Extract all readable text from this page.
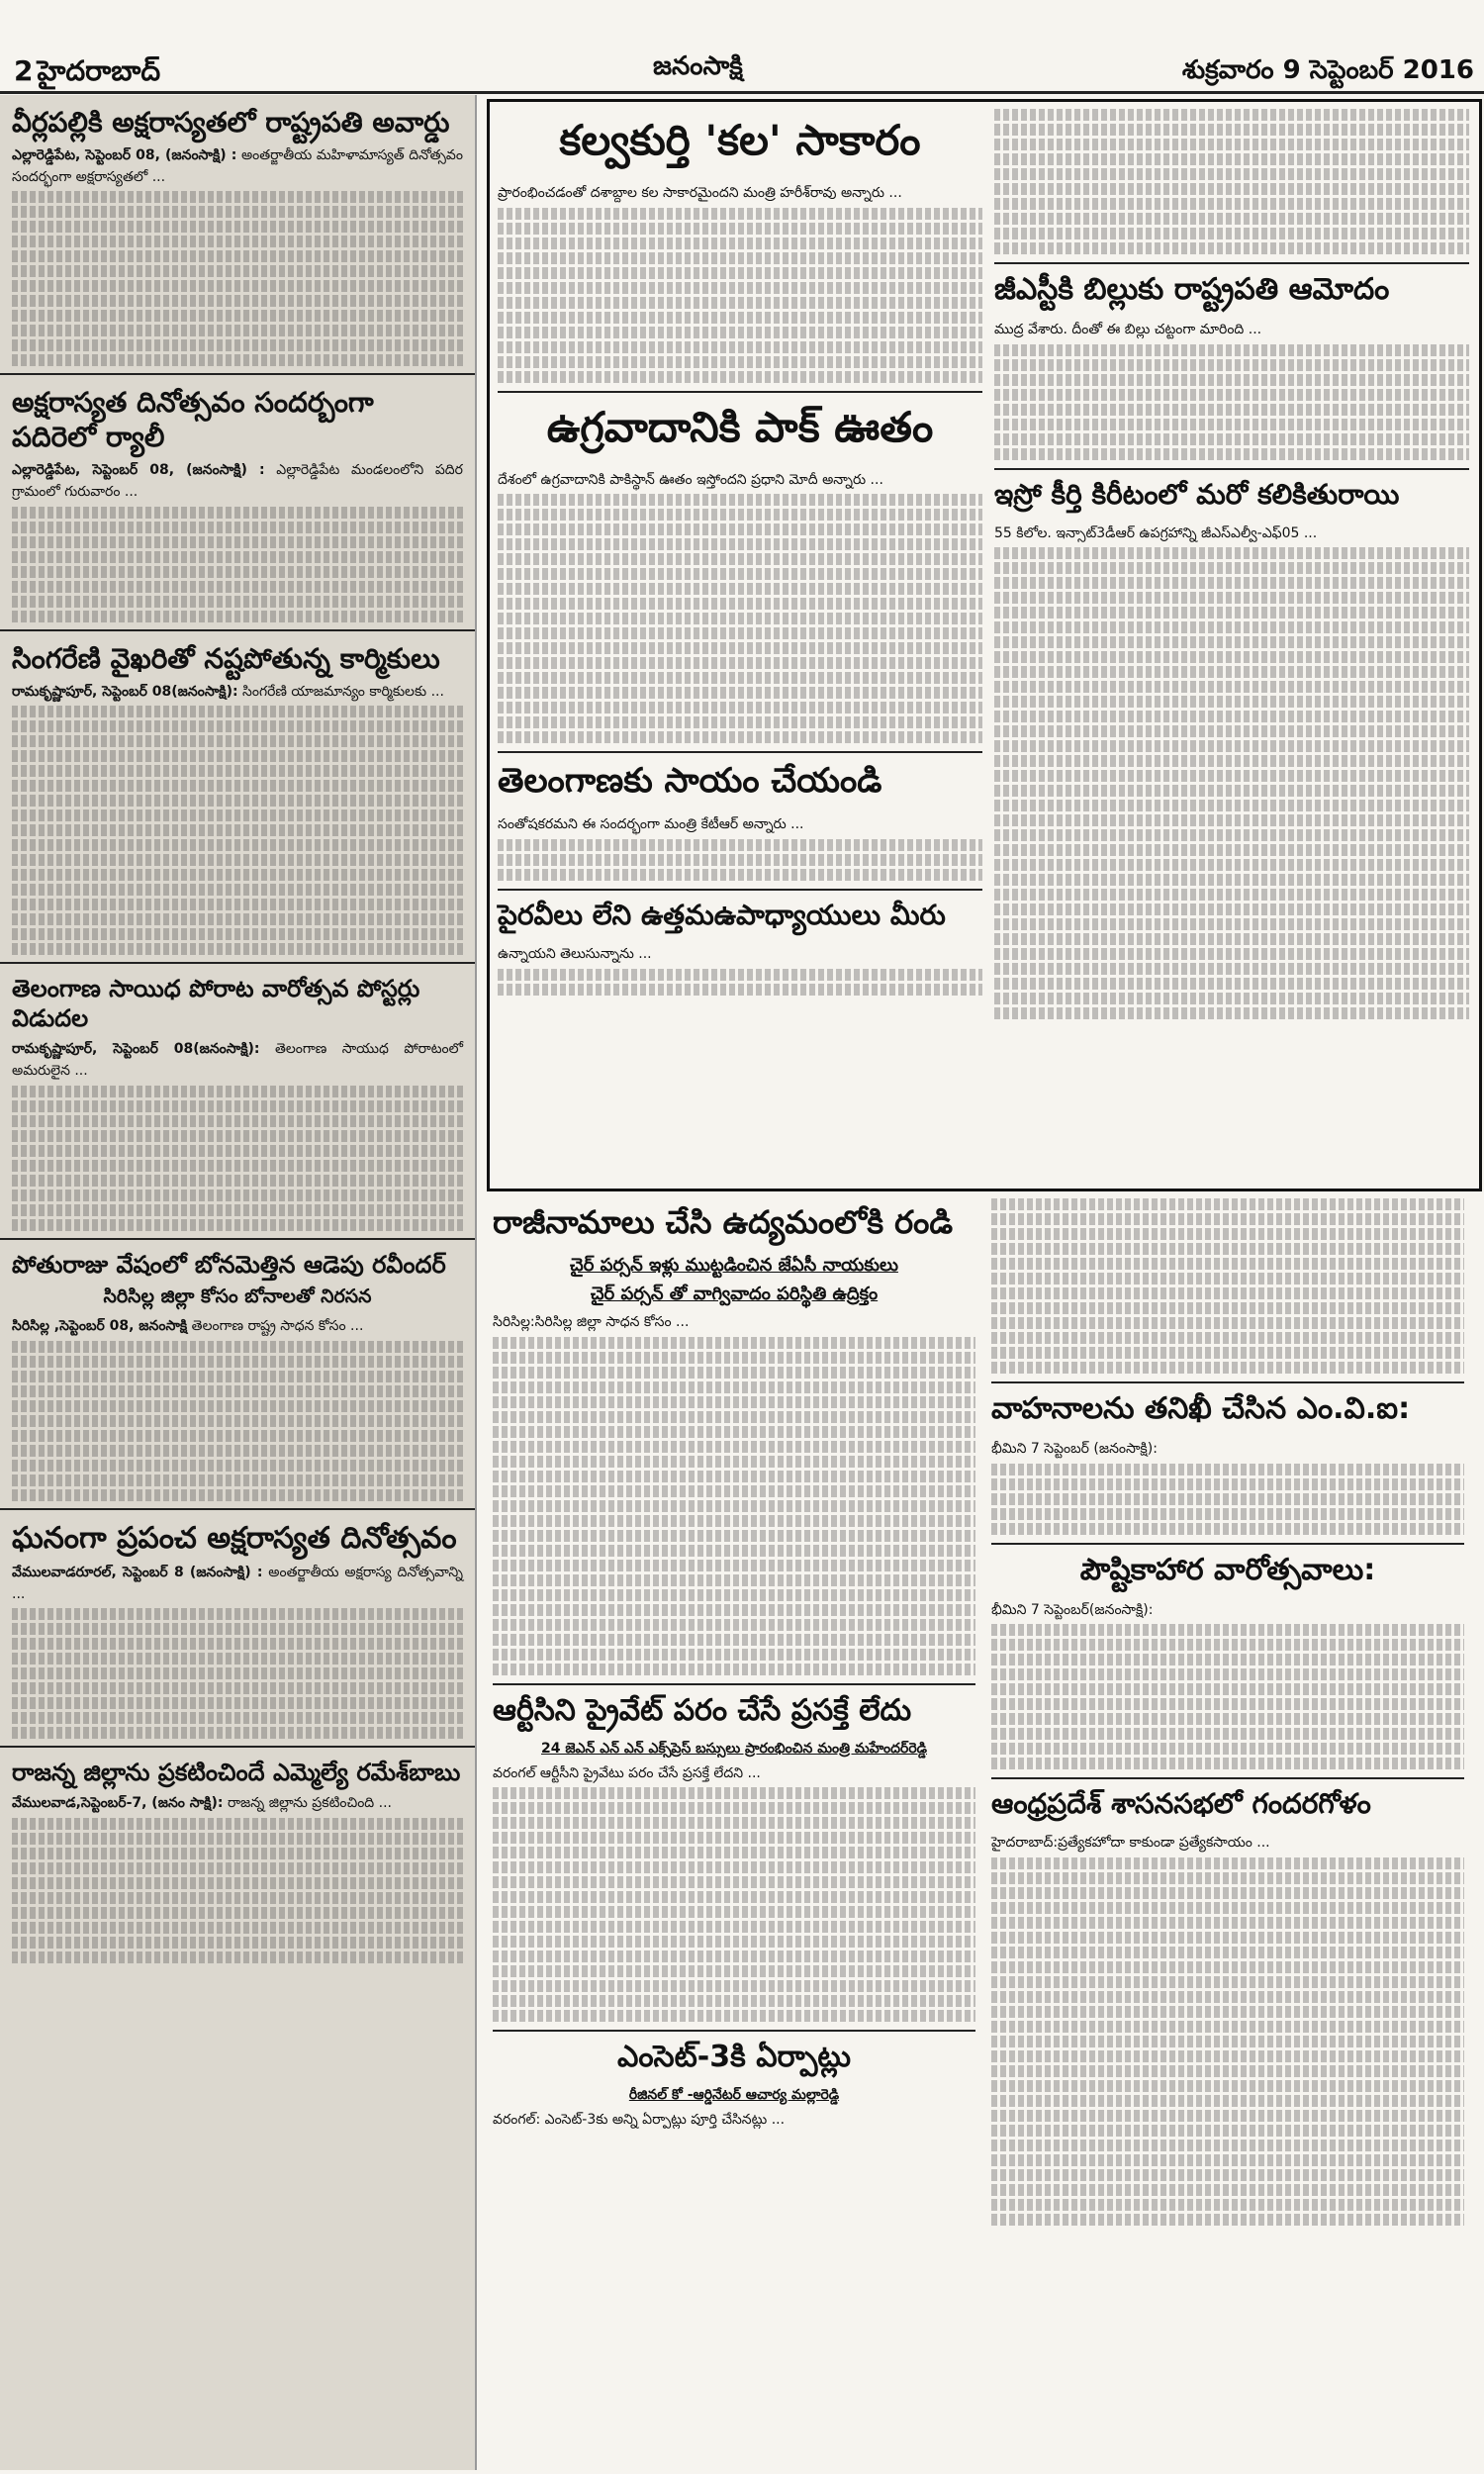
2 హైదరాబాద్	జనంసాక్షి	శుక్రవారం 9 సెప్టెంబర్ 2016
వీర్లపల్లికి అక్షరాస్యతలో రాష్ట్రపతి అవార్డు

ఎల్లారెడ్డిపేట, సెప్టెంబర్ 08, (జనంసాక్షి) : అంతర్జాతీయ మహిళామాస్యత్ దినోత్సవం సందర్భంగా అక్షరాస్యతలో ...

అక్షరాస్యత దినోత్సవం సందర్బంగా పదిరెలో ర్యాలీ

ఎల్లారెడ్డిపేట, సెప్టెంబర్ 08, (జనంసాక్షి) : ఎల్లారెడ్డిపేట మండలంలోని పదిర గ్రామంలో గురువారం ...

సింగరేణి వైఖరితో నష్టపోతున్న కార్మికులు

రామకృష్ణాపూర్, సెప్టెంబర్ 08(జనంసాక్షి): సింగరేణి యాజమాన్యం కార్మికులకు ...

తెలంగాణ సాయిధ పోరాట వారోత్సవ పోస్టర్లు విడుదల

రామకృష్ణాపూర్, సెప్టెంబర్ 08(జనంసాక్షి): తెలంగాణ సాయుధ పోరాటంలో అమరులైన ...

పోతురాజు వేషంలో బోనమెత్తిన ఆడెపు రవీందర్
సిరిసిల్ల జిల్లా కోసం బోనాలతో నిరసన

సిరిసిల్ల ,సెప్టెంబర్ 08, జనంసాక్షి తెలంగాణ రాష్ట్ర సాధన కోసం ...

ఘనంగా ప్రపంచ అక్షరాస్యత దినోత్సవం

వేములవాడరూరల్, సెప్టెంబర్ 8 (జనంసాక్షి) : అంతర్జాతీయ అక్షరాస్య దినోత్సవాన్ని ...

రాజన్న జిల్లాను ప్రకటించిందే ఎమ్మెల్యే రమేశ్‌బాబు

వేములవాడ,సెప్టెంబర్-7, (జనం సాక్షి): రాజన్న జిల్లాను ప్రకటించింది ...

కల్వకుర్తి 'కల' సాకారం

ప్రారంభించడంతో దశాబ్దాల కల సాకారమైందని మంత్రి హరీశ్‌రావు అన్నారు ...

ఉగ్రవాదానికి పాక్ ఊతం

దేశంలో ఉగ్రవాదానికి పాకిస్థాన్ ఊతం ఇస్తోందని ప్రధాని మోదీ అన్నారు ...

తెలంగాణకు సాయం చేయండి

సంతోషకరమని ఈ సందర్భంగా మంత్రి కేటీఆర్ అన్నారు ...

పైరవీలు లేని ఉత్తమఉపాధ్యాయులు మీరు

ఉన్నాయని తెలుసున్నాను ...

జీఎస్టీకి బిల్లుకు రాష్ట్రపతి ఆమోదం

ముద్ర వేశారు. దీంతో ఈ బిల్లు చట్టంగా మారింది ...

ఇస్రో కీర్తి కిరీటంలో మరో కలికితురాయి

55 కిలోల. ఇన్సాట్‌3డీఆర్ ఉపగ్రహాన్ని జీఎస్ఎల్వీ-ఎఫ్05 ...

రాజీనామాలు చేసి ఉద్యమంలోకి రండి
చైర్ పర్సన్ ఇళ్లు ముట్టడించిన జేఏసీ నాయకులు
చైర్ పర్సన్ తో వాగ్వివాదం పరిస్థితి ఉద్రిక్తం

సిరిసిల్ల:సిరిసిల్ల జిల్లా సాధన కోసం ...

ఆర్టీసిని ప్రైవేట్ పరం చేసే ప్రసక్తే లేదు
24 జెఎన్ ఎన్ ఎన్ ఎక్స్‌ప్రెస్ బస్సులు ప్రారంభించిన మంత్రి మహేందర్‌రెడ్డి

వరంగల్ ఆర్టీసీని ప్రైవేటు పరం చేసే ప్రసక్తే లేదని ...

ఎంసెట్-3కి ఏర్పాట్లు
రీజినల్ కో -ఆర్డినేటర్ ఆచార్య మల్లారెడ్డి

వరంగల్: ఎంసెట్-3కు అన్ని ఏర్పాట్లు పూర్తి చేసినట్లు ...

వాహనాలను తనిఖీ చేసిన ఎం.వి.ఐ:

భీమిని 7 సెప్టెంబర్ (జనంసాక్షి):

పౌష్టికాహార వారోత్సవాలు:

భీమిని 7 సెప్టెంబర్(జనంసాక్షి):

ఆంధ్రప్రదేశ్ శాసనసభలో గందరగోళం

హైదరాబాద్‌:ప్రత్యేకహోదా కాకుండా ప్రత్యేకసాయం ...
